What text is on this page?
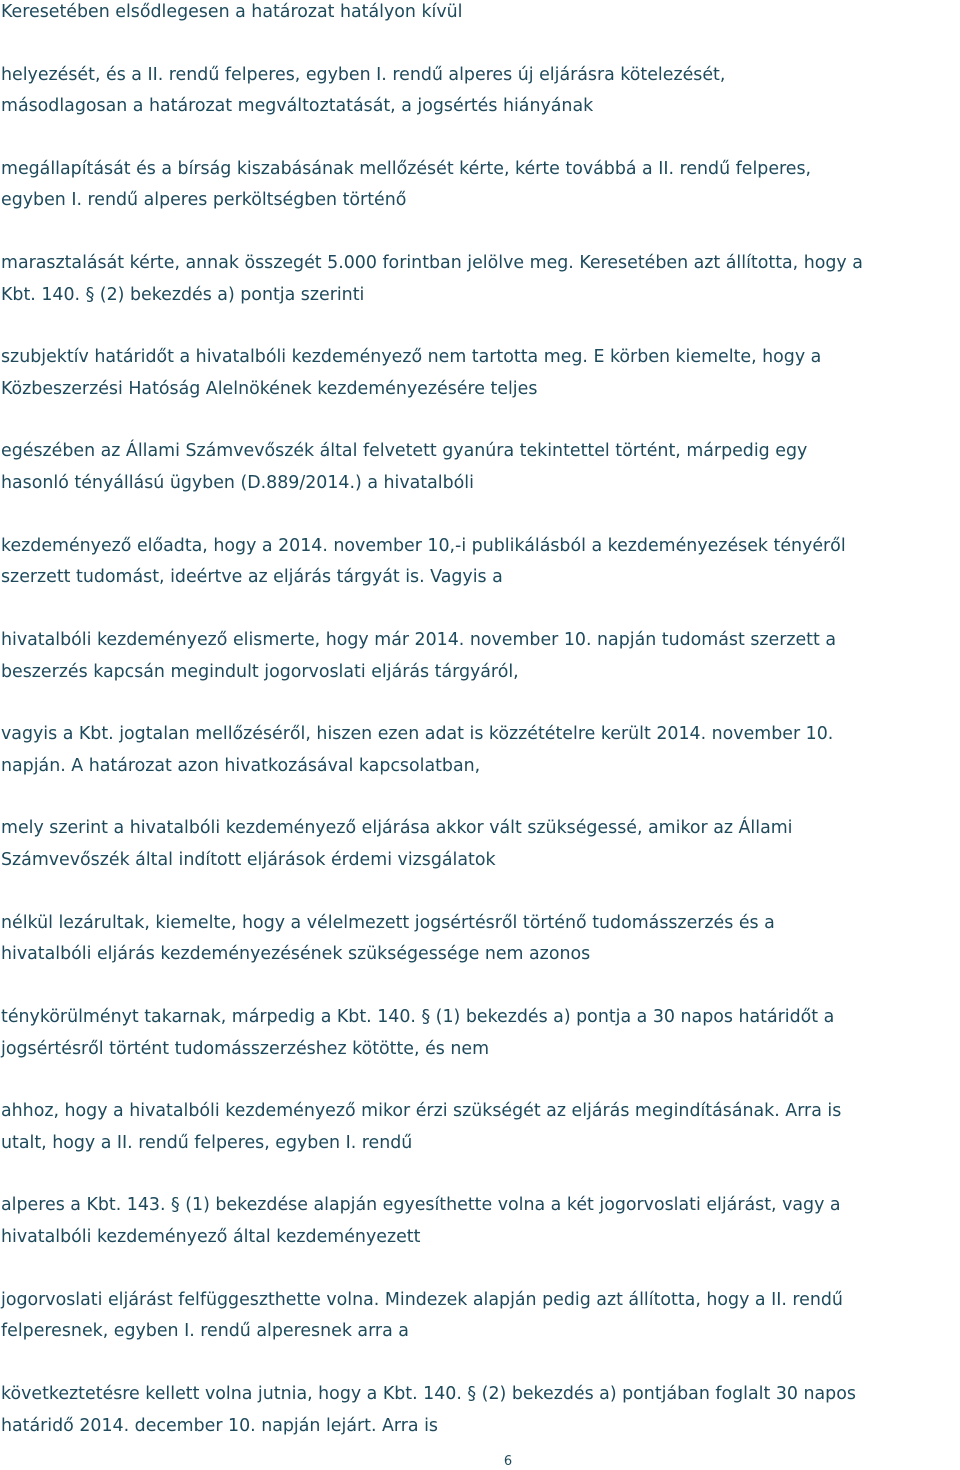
Keresetében elsődlegesen a határozat hatályon kívül
helyezését, és a II. rendű felperes, egyben I. rendű alperes új eljárásra kötelezését,
másodlagosan a határozat megváltoztatását, a jogsértés hiányának
megállapítását és a bírság kiszabásának mellőzését kérte, kérte továbbá a II. rendű felperes,
egyben I. rendű alperes perköltségben történő
marasztalását kérte, annak összegét 5.000 forintban jelölve meg. Keresetében azt állította, hogy a
Kbt. 140. § (2) bekezdés a) pontja szerinti
szubjektív határidőt a hivatalbóli kezdeményező nem tartotta meg. E körben kiemelte, hogy a
Közbeszerzési Hatóság Alelnökének kezdeményezésére teljes
egészében az Állami Számvevőszék által felvetett gyanúra tekintettel történt, márpedig egy
hasonló tényállású ügyben (D.889/2014.) a hivatalbóli
kezdeményező előadta, hogy a 2014. november 10,-i publikálásból a kezdeményezések tényéről
szerzett tudomást, ideértve az eljárás tárgyát is. Vagyis a
hivatalbóli kezdeményező elismerte, hogy már 2014. november 10. napján tudomást szerzett a
beszerzés kapcsán megindult jogorvoslati eljárás tárgyáról,
vagyis a Kbt. jogtalan mellőzéséről, hiszen ezen adat is közzétételre került 2014. november 10.
napján. A határozat azon hivatkozásával kapcsolatban,
mely szerint a hivatalbóli kezdeményező eljárása akkor vált szükségessé, amikor az Állami
Számvevőszék által indított eljárások érdemi vizsgálatok
nélkül lezárultak, kiemelte, hogy a vélelmezett jogsértésről történő tudomásszerzés és a
hivatalbóli eljárás kezdeményezésének szükségessége nem azonos
ténykörülményt takarnak, márpedig a Kbt. 140. § (1) bekezdés a) pontja a 30 napos határidőt a
jogsértésről történt tudomásszerzéshez kötötte, és nem
ahhoz, hogy a hivatalbóli kezdeményező mikor érzi szükségét az eljárás megindításának. Arra is
utalt, hogy a II. rendű felperes, egyben I. rendű
alperes a Kbt. 143. § (1) bekezdése alapján egyesíthette volna a két jogorvoslati eljárást, vagy a
hivatalbóli kezdeményező által kezdeményezett
jogorvoslati eljárást felfüggeszthette volna. Mindezek alapján pedig azt állította, hogy a II. rendű
felperesnek, egyben I. rendű alperesnek arra a
következtetésre kellett volna jutnia, hogy a Kbt. 140. § (2) bekezdés a) pontjában foglalt 30 napos
határidő 2014. december 10. napján lejárt. Arra is
6
